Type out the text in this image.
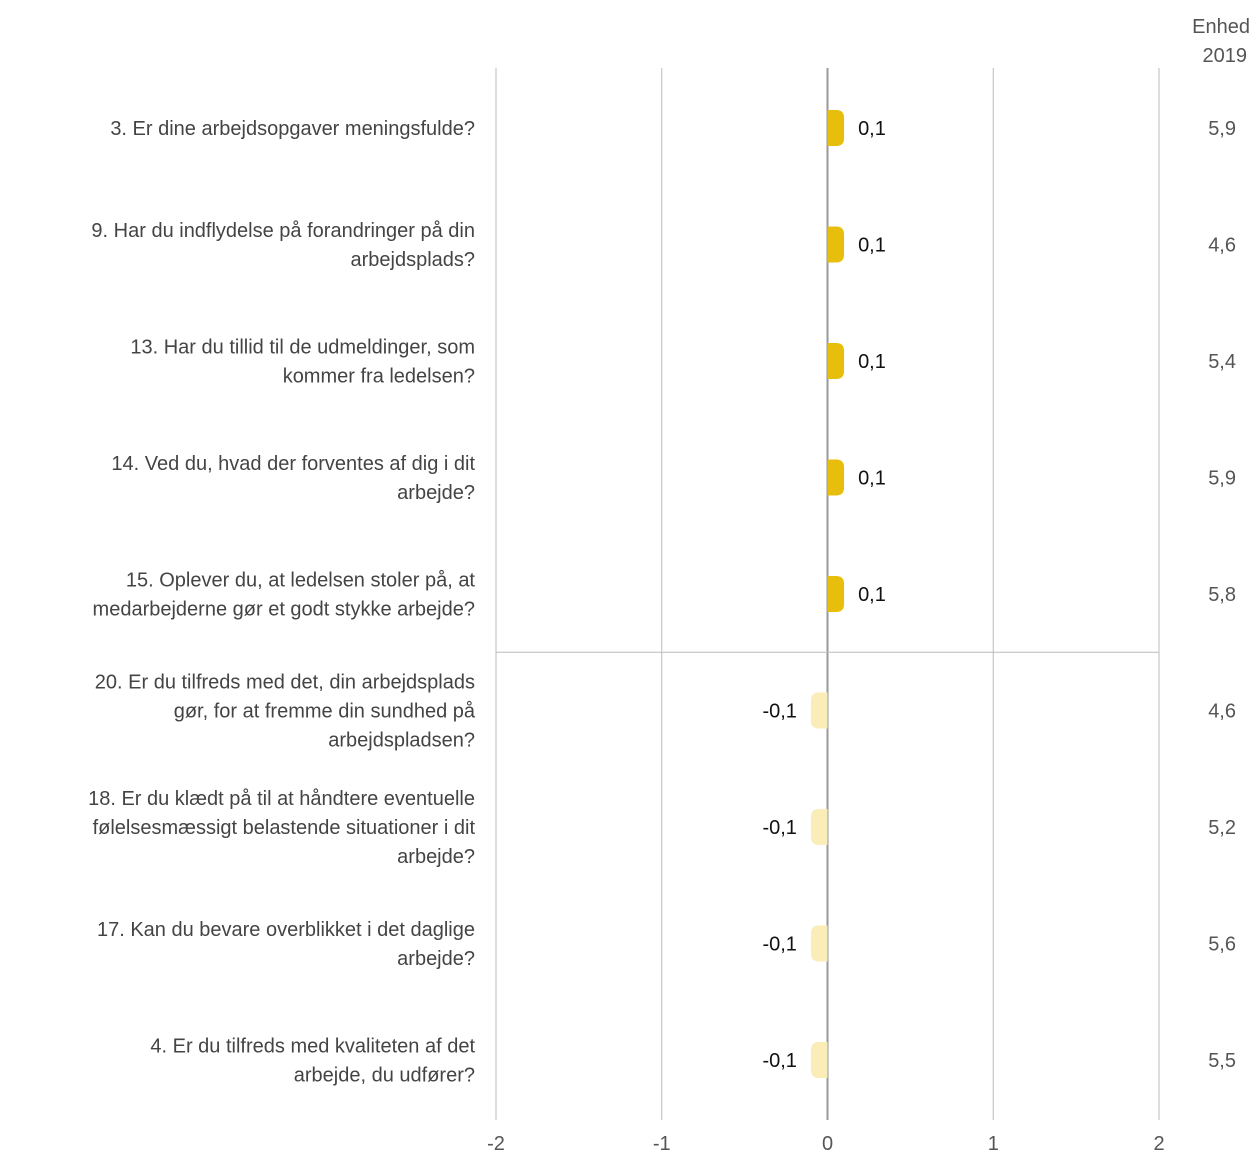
-2	-1	0	1	2
3. Er dine arbejdsopgaver meningsfulde?	0,1	5,9
9. Har du indflydelse på forandringer på din arbejdsplads?
0,1	4,6
13. Har du tillid til de udmeldinger, som kommer fra ledelsen?
0,1	5,4
14. Ved du, hvad der forventes af dig i dit arbejde?
0,1	5,9
15. Oplever du, at ledelsen stoler på, at medarbejderne gør et godt stykke arbejde?
0,1	5,8
20. Er du tilfreds med det, din arbejdsplads gør, for at fremme din sundhed på arbejdspladsen?
-0,1	4,6
18. Er du klædt på til at håndtere eventuelle følelsesmæssigt belastende situationer i dit arbejde?
-0,1	5,2
17. Kan du bevare overblikket i det daglige arbejde?
-0,1	5,6
4. Er du tilfreds med kvaliteten af det arbejde, du udfører?
-0,1	5,5
Enhed
2019
